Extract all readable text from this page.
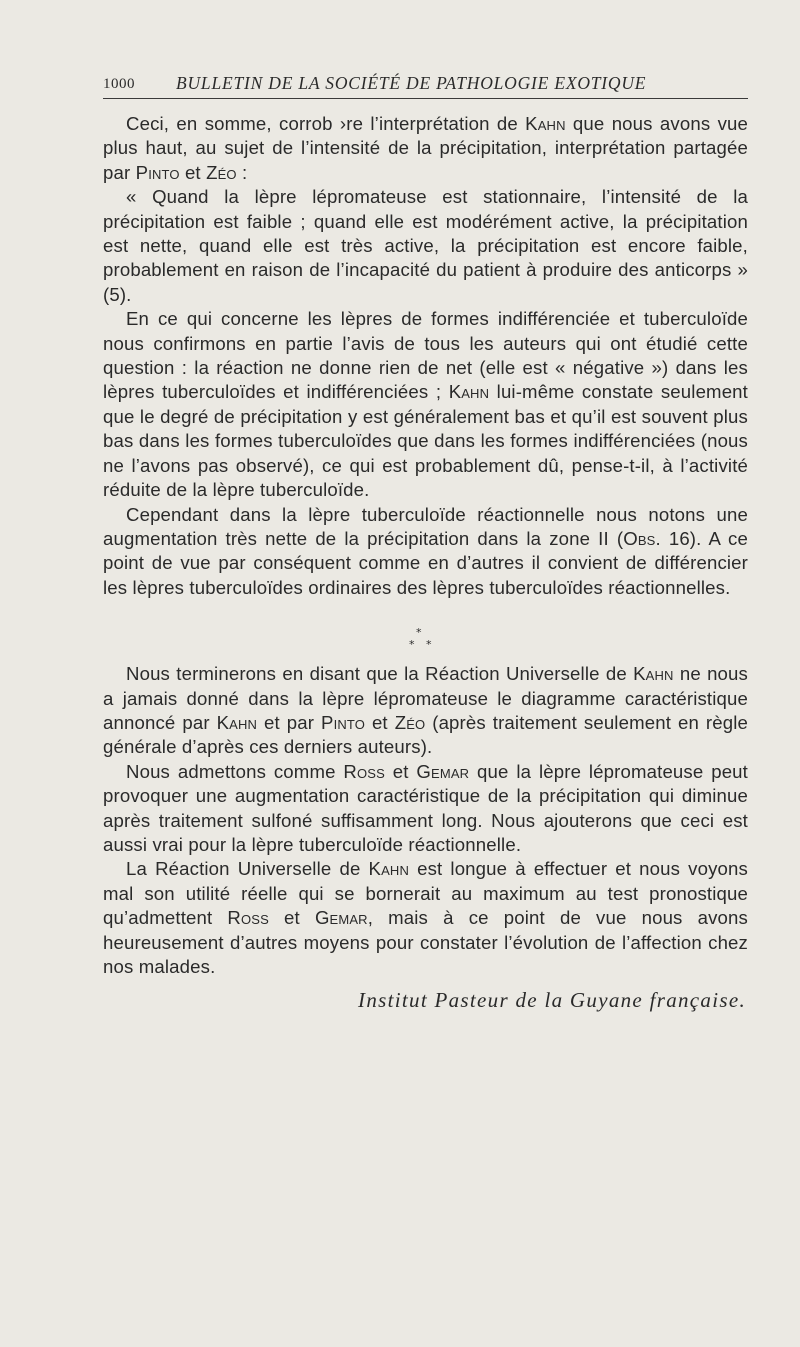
1000 BULLETIN DE LA SOCIÉTÉ DE PATHOLOGIE EXOTIQUE

Ceci, en somme, corrob ›re l’interprétation de Kahn que nous avons vue plus haut, au sujet de l’intensité de la précipitation, interprétation partagée par Pinto et Zéo :

« Quand la lèpre lépromateuse est stationnaire, l’intensité de la précipitation est faible ; quand elle est modérément active, la précipitation est nette, quand elle est très active, la précipitation est encore faible, probablement en raison de l’incapacité du patient à produire des anticorps » (5).

En ce qui concerne les lèpres de formes indifférenciée et tuberculoïde nous confirmons en partie l’avis de tous les auteurs qui ont étudié cette question : la réaction ne donne rien de net (elle est « négative ») dans les lèpres tuberculoïdes et indifférenciées ; Kahn lui-même constate seulement que le degré de précipitation y est généralement bas et qu’il est souvent plus bas dans les formes tuberculoïdes que dans les formes indifférenciées (nous ne l’avons pas observé), ce qui est probablement dû, pense-t-il, à l’activité réduite de la lèpre tuberculoïde.

Cependant dans la lèpre tuberculoïde réactionnelle nous notons une augmentation très nette de la précipitation dans la zone II (Obs. 16). A ce point de vue par conséquent comme en d’autres il convient de différencier les lèpres tuberculoïdes ordinaires des lèpres tuberculoïdes réactionnelles.

*
* *

Nous terminerons en disant que la Réaction Universelle de Kahn ne nous a jamais donné dans la lèpre lépromateuse le diagramme caractéristique annoncé par Kahn et par Pinto et Zéo (après traitement seulement en règle générale d’après ces derniers auteurs).

Nous admettons comme Ross et Gemar que la lèpre lépromateuse peut provoquer une augmentation caractéristique de la précipitation qui diminue après traitement sulfoné suffisamment long. Nous ajouterons que ceci est aussi vrai pour la lèpre tuberculoïde réactionnelle.

La Réaction Universelle de Kahn est longue à effectuer et nous voyons mal son utilité réelle qui se bornerait au maximum au test pronostique qu’admettent Ross et Gemar, mais à ce point de vue nous avons heureusement d’autres moyens pour constater l’évolution de l’affection chez nos malades.

Institut Pasteur de la Guyane française.
